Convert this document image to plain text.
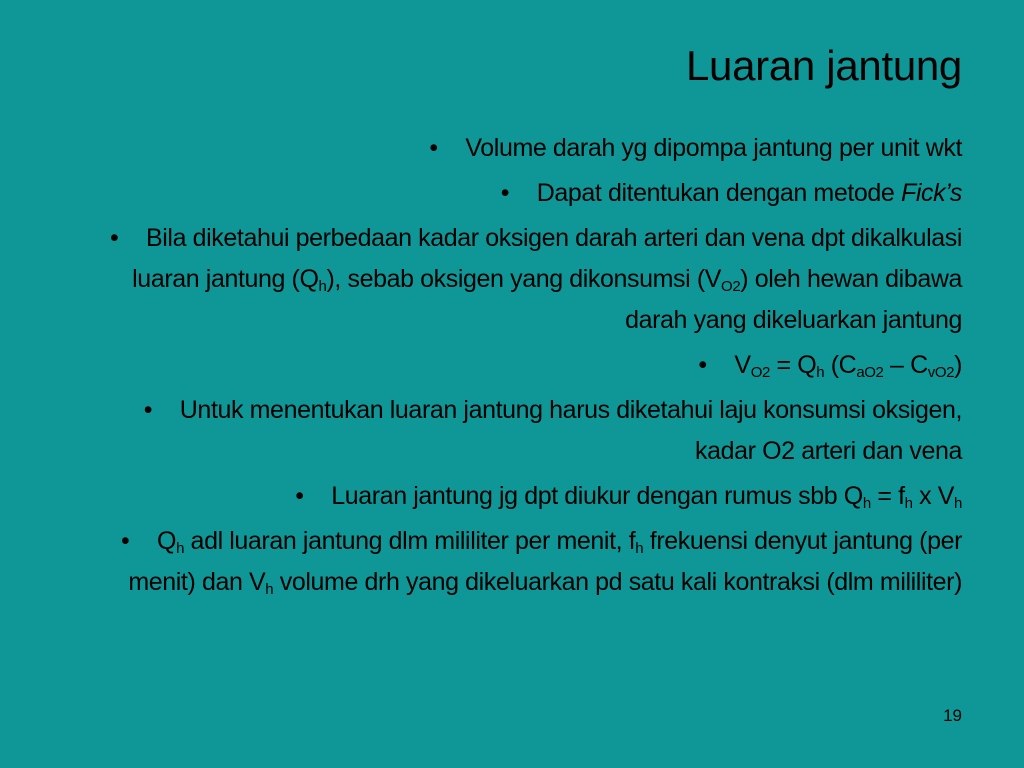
Luaran jantung

• Volume darah yg dipompa jantung per unit wkt

• Dapat ditentukan dengan metode Fick’s

• Bila diketahui perbedaan kadar oksigen darah arteri dan vena dpt dikalkulasi luaran jantung $(Q_h)$, sebab oksigen yang dikonsumsi $(V_{O2})$ oleh hewan dibawa darah yang dikeluarkan jantung

• $V_{O2} = Q_h$ $(C_{aO2} - C_{vO2})$

• Untuk menentukan luaran jantung harus diketahui laju konsumsi oksigen, kadar O2 arteri dan vena

• Luaran jantung jg dpt diukur dengan rumus sbb $Q_h = f_h$ x $V_h$

• $Q_h$ adl luaran jantung dlm mililiter per menit, $f_h$ frekuensi denyut jantung (per menit) dan $V_h$ volume drh yang dikeluarkan pd satu kali kontraksi (dlm mililiter)

19
